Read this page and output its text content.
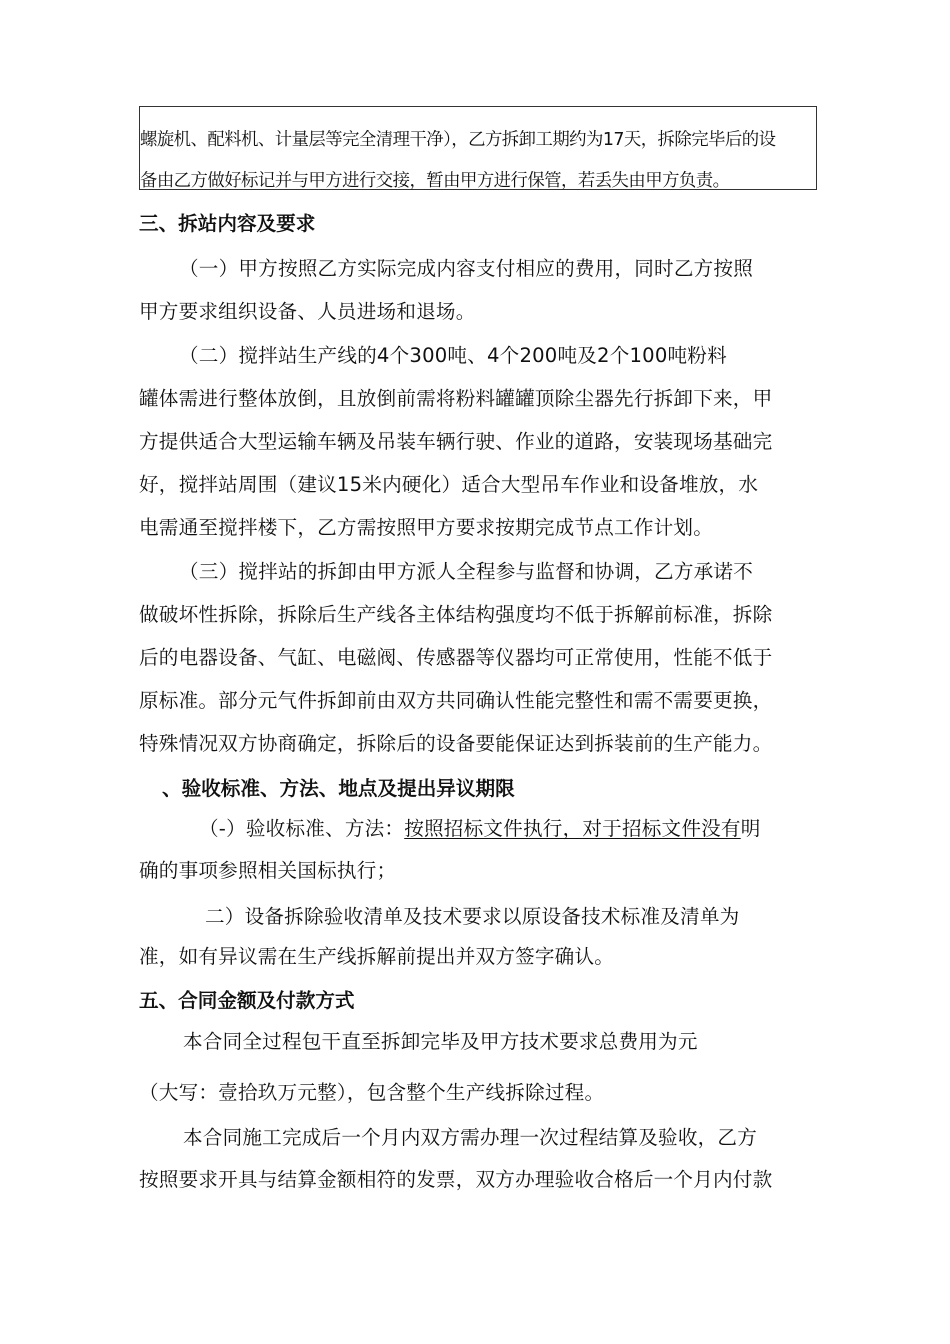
螺旋机、配料机、计量层等完全清理干净），乙方拆卸工期约为17天，拆除完毕后的设
备由乙方做好标记并与甲方进行交接，暂由甲方进行保管，若丢失由甲方负责。
三、拆站内容及要求
（一）甲方按照乙方实际完成内容支付相应的费用，同时乙方按照
甲方要求组织设备、人员进场和退场。
（二）搅拌站生产线的4个300吨、4个200吨及2个100吨粉料
罐体需进行整体放倒，且放倒前需将粉料罐罐顶除尘器先行拆卸下来，甲
方提供适合大型运输车辆及吊装车辆行驶、作业的道路，安装现场基础完
好，搅拌站周围（建议15米内硬化）适合大型吊车作业和设备堆放，水
电需通至搅拌楼下，乙方需按照甲方要求按期完成节点工作计划。
（三）搅拌站的拆卸由甲方派人全程参与监督和协调，乙方承诺不
做破坏性拆除，拆除后生产线各主体结构强度均不低于拆解前标准，拆除
后的电器设备、气缸、电磁阀、传感器等仪器均可正常使用，性能不低于
原标准。部分元气件拆卸前由双方共同确认性能完整性和需不需要更换，
特殊情况双方协商确定，拆除后的设备要能保证达到拆装前的生产能力。
、验收标准、方法、地点及提出异议期限
（-）验收标准、方法：按照招标文件执行，对于招标文件没有明
确的事项参照相关国标执行；
二）设备拆除验收清单及技术要求以原设备技术标准及清单为
准，如有异议需在生产线拆解前提出并双方签字确认。
五、合同金额及付款方式
本合同全过程包干直至拆卸完毕及甲方技术要求总费用为元
（大写：壹拾玖万元整），包含整个生产线拆除过程。
本合同施工完成后一个月内双方需办理一次过程结算及验收，乙方
按照要求开具与结算金额相符的发票，双方办理验收合格后一个月内付款
